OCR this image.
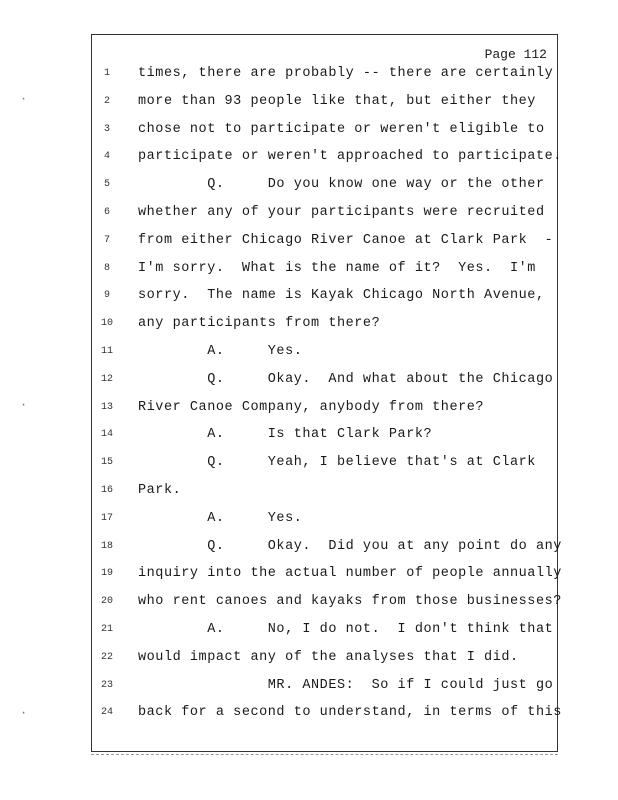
Page 112
1	times, there are probably -- there are certainly
2	more than 93 people like that, but either they
3	chose not to participate or weren't eligible to
4	participate or weren't approached to participate.
5	Q.     Do you know one way or the other
6	whether any of your participants were recruited
7	from either Chicago River Canoe at Clark Park  -
8	I'm sorry.  What is the name of it?  Yes.  I'm
9	sorry.  The name is Kayak Chicago North Avenue,
10	any participants from there?
11	A.     Yes.
12	Q.     Okay.  And what about the Chicago
13	River Canoe Company, anybody from there?
14	A.     Is that Clark Park?
15	Q.     Yeah, I believe that's at Clark
16	Park.
17	A.     Yes.
18	Q.     Okay.  Did you at any point do any
19	inquiry into the actual number of people annually
20	who rent canoes and kayaks from those businesses?
21	A.     No, I do not.  I don't think that
22	would impact any of the analyses that I did.
23	MR. ANDES:  So if I could just go
24	back for a second to understand, in terms of this
·
·
·
